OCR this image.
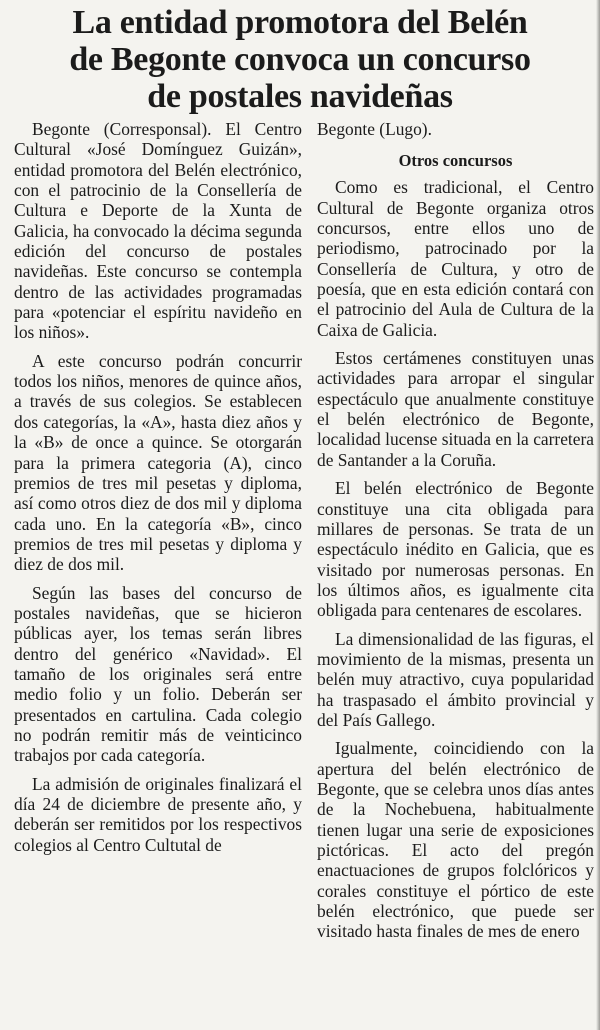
La entidad promotora del Belén
de Begonte convoca un concurso
de postales navideñas

Begonte (Corresponsal). El Centro Cultural «José Domínguez Guizán», entidad promotora del Belén electrónico, con el patrocinio de la Consellería de Cultura e Deporte de la Xunta de Galicia, ha convocado la décima segunda edición del concurso de postales navideñas. Este concurso se contempla dentro de las actividades programadas para «potenciar el espíritu navideño en los niños».

A este concurso podrán concurrir todos los niños, menores de quince años, a través de sus colegios. Se establecen dos categorías, la «A», hasta diez años y la «B» de once a quince. Se otorgarán para la primera categoria (A), cinco premios de tres mil pesetas y diploma, así como otros diez de dos mil y diploma cada uno. En la categoría «B», cinco premios de tres mil pesetas y diploma y diez de dos mil.

Según las bases del concurso de postales navideñas, que se hicieron públicas ayer, los temas serán libres dentro del genérico «Navidad». El tamaño de los originales será entre medio folio y un folio. Deberán ser presentados en cartulina. Cada colegio no podrán remitir más de veinticinco trabajos por cada categoría.

La admisión de originales finalizará el día 24 de diciembre de presente año, y deberán ser remitidos por los respectivos colegios al Centro Cultutal de

Begonte (Lugo).

Otros concursos

Como es tradicional, el Centro Cultural de Begonte organiza otros concursos, entre ellos uno de periodismo, patrocinado por la Consellería de Cultura, y otro de poesía, que en esta edición contará con el patrocinio del Aula de Cultura de la Caixa de Galicia.

Estos certámenes constituyen unas actividades para arropar el singular espectáculo que anualmente constituye el belén electrónico de Begonte, localidad lucense situada en la carretera de Santander a la Coruña.

El belén electrónico de Begonte constituye una cita obligada para millares de personas. Se trata de un espectáculo inédito en Galicia, que es visitado por numerosas personas. En los últimos años, es igualmente cita obligada para centenares de escolares.

La dimensionalidad de las figuras, el movimiento de la mismas, presenta un belén muy atractivo, cuya popularidad ha traspasado el ámbito provincial y del País Gallego.

Igualmente, coincidiendo con la apertura del belén electrónico de Begonte, que se celebra unos días antes de la Nochebuena, habitualmente tienen lugar una serie de exposiciones pictóricas. El acto del pregón enactuaciones de grupos folclóricos y corales constituye el pórtico de este belén electrónico, que puede ser visitado hasta finales de mes de enero
